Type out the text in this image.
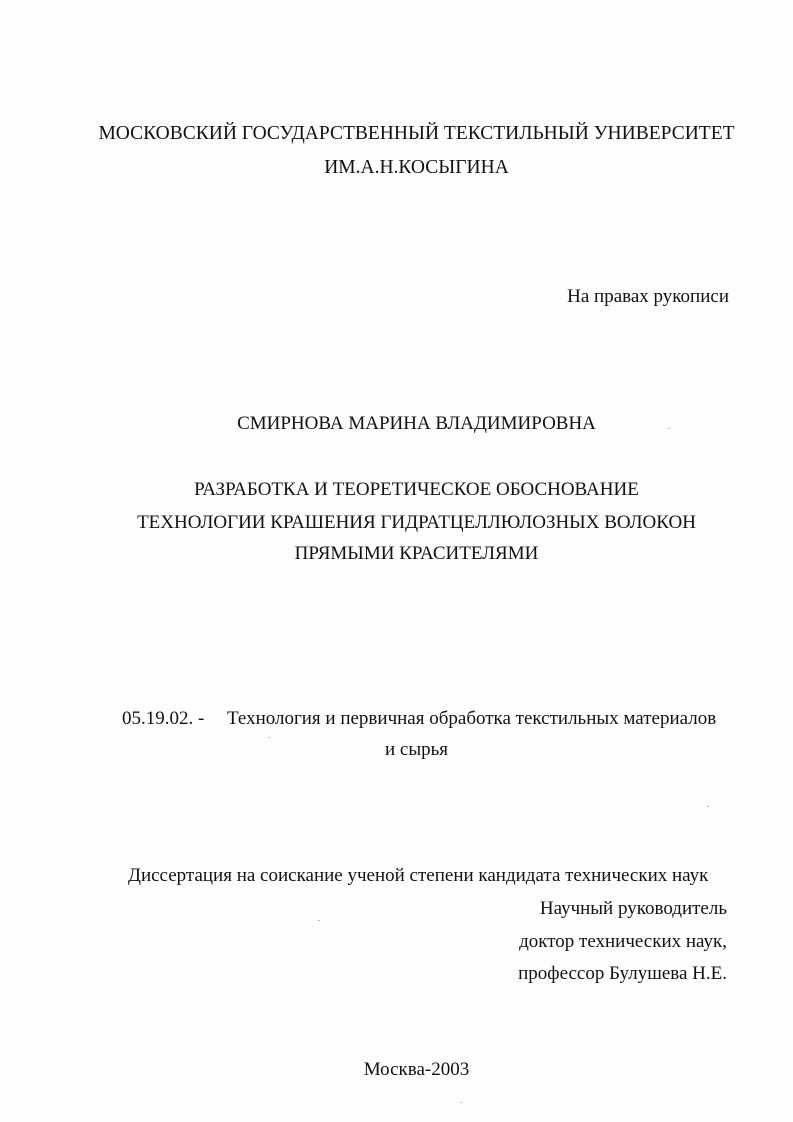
МОСКОВСКИЙ ГОСУДАРСТВЕННЫЙ ТЕКСТИЛЬНЫЙ УНИВЕРСИТЕТ
ИМ.А.Н.КОСЫГИНА
На правах рукописи
СМИРНОВА МАРИНА ВЛАДИМИРОВНА
РАЗРАБОТКА И ТЕОРЕТИЧЕСКОЕ ОБОСНОВАНИЕ
ТЕХНОЛОГИИ КРАШЕНИЯ ГИДРАТЦЕЛЛЮЛОЗНЫХ ВОЛОКОН
ПРЯМЫМИ КРАСИТЕЛЯМИ
05.19.02. - Технология и первичная обработка текстильных материалов
и сырья
Диссертация на соискание ученой степени кандидата технических наук
Научный руководитель
доктор технических наук,
профессор Булушева Н.Е.
Москва-2003
